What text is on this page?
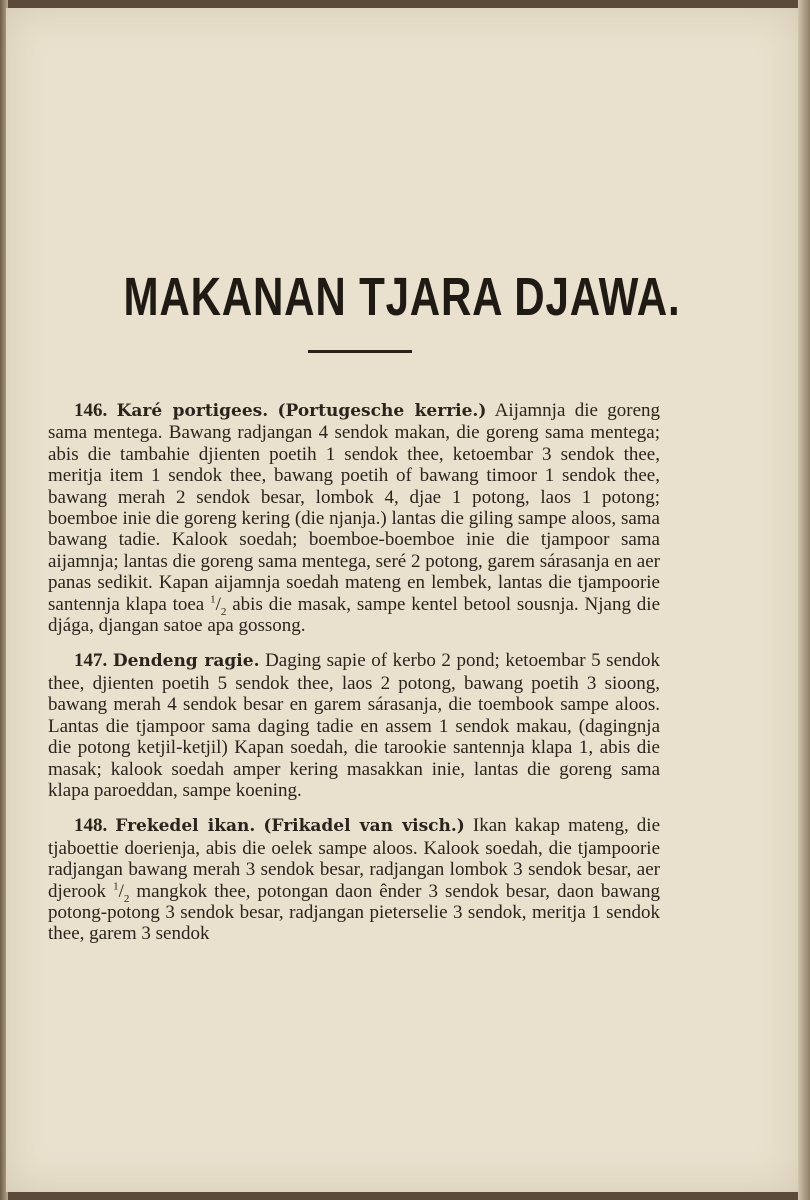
MAKANAN TJARA DJAWA.

146. Karé portigees. (Portugesche kerrie.) Aijamnja die goreng sama mentega. Bawang radjangan 4 sendok makan, die goreng sama mentega; abis die tambahie djienten poetih 1 sendok thee, ketoembar 3 sendok thee, meritja item 1 sendok thee, bawang poetih of bawang timoor 1 sendok thee, bawang merah 2 sendok besar, lombok 4, djae 1 potong, laos 1 potong; boemboe inie die goreng kering (die njanja.) lantas die giling sampe aloos, sama bawang tadie. Kalook soedah; boemboe-boemboe inie die tjampoor sama aijamnja; lantas die goreng sama mentega, seré 2 potong, garem sárasanja en aer panas sedikit. Kapan aijamnja soedah mateng en lembek, lantas die tjampoorie santennja klapa toea $^1/_2$ abis die masak, sampe kentel betool sousnja. Njang die djága, djangan satoe apa gossong.

147. Dendeng ragie. Daging sapie of kerbo 2 pond; ketoembar 5 sendok thee, djienten poetih 5 sendok thee, laos 2 potong, bawang poetih 3 sioong, bawang merah 4 sendok besar en garem sárasanja, die toembook sampe aloos. Lantas die tjampoor sama daging tadie en assem 1 sendok makau, (dagingnja die potong ketjil-ketjil) Kapan soedah, die tarookie santennja klapa 1, abis die masak; kalook soedah amper kering masakkan inie, lantas die goreng sama klapa paroeddan, sampe koening.

148. Frekedel ikan. (Frikadel van visch.) Ikan kakap mateng, die tjaboettie doerienja, abis die oelek sampe aloos. Kalook soedah, die tjampoorie radjangan bawang merah 3 sendok besar, radjangan lombok 3 sendok besar, aer djerook $^1/_2$ mangkok thee, potongan daon ênder 3 sendok besar, daon bawang potong-potong 3 sendok besar, radjangan pieterselie 3 sendok, meritja 1 sendok thee, garem 3 sendok
